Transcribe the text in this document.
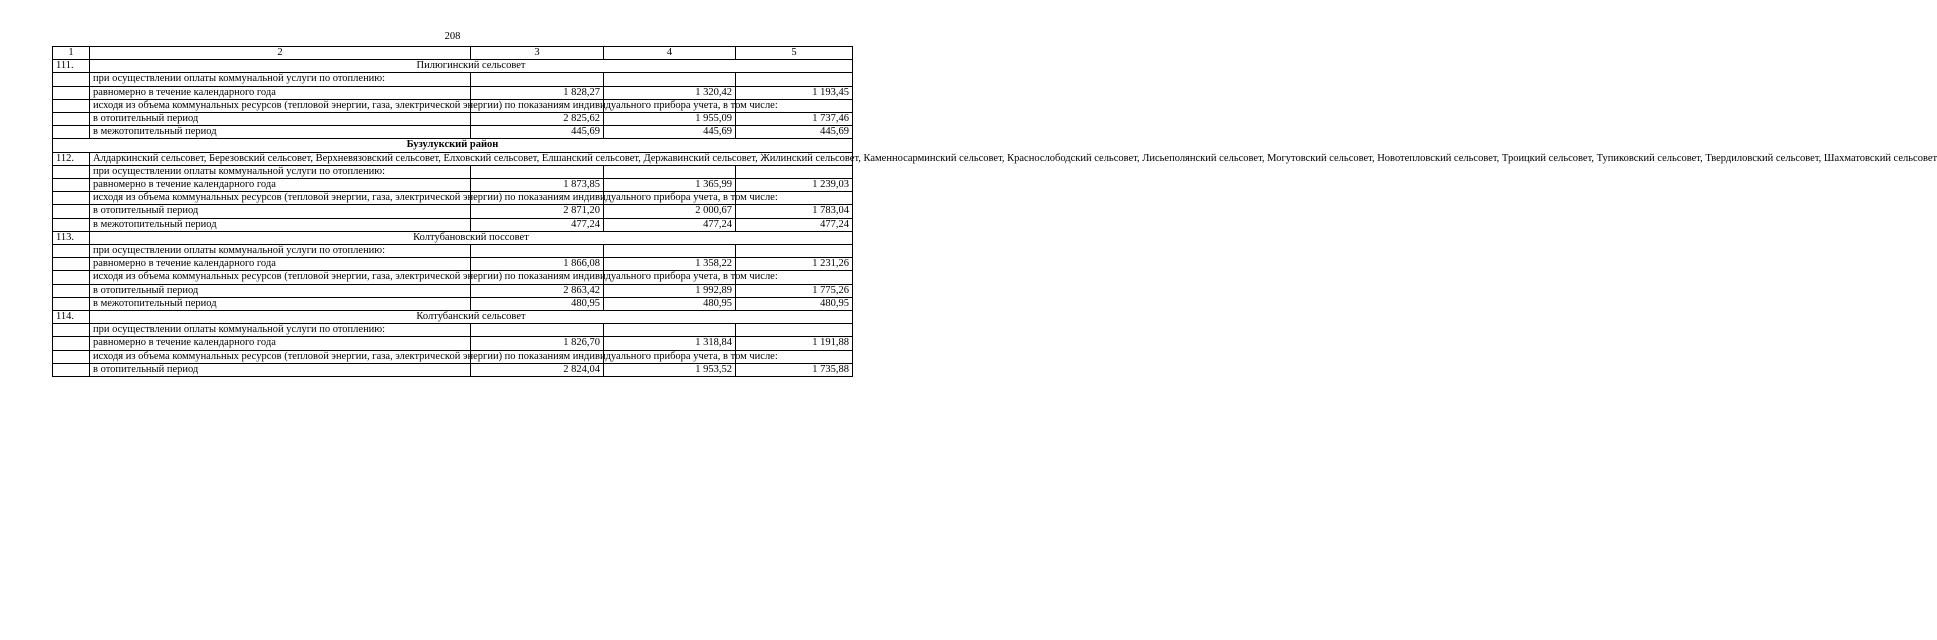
208
1	2	3	4	5
111.	Пилюгинский сельсовет			
	при осуществлении оплаты коммунальной услуги по отоплению:			
	равномерно в течение календарного года	1 828,27	1 320,42	1 193,45
	исходя из объема коммунальных ресурсов (тепловой энергии, газа, электрической энергии) по показаниям индивидуального прибора учета, в том числе:			
	в отопительный период	2 825,62	1 955,09	1 737,46
	в межотопительный период	445,69	445,69	445,69
Бузулукский район				
112.	Алдаркинский сельсовет, Березовский сельсовет, Верхневязовский сельсовет, Елховский сельсовет, Елшанский сельсовет, Державинский сельсовет, Жилинский сельсовет, Каменносарминский сельсовет, Краснослободский сельсовет, Лисьеполянский сельсовет, Могутовский сельсовет, Новотепловский сельсовет, Троицкий сельсовет, Тупиковский сельсовет, Твердиловский сельсовет, Шахматовский сельсовет			
	при осуществлении оплаты коммунальной услуги по отоплению:			
	равномерно в течение календарного года	1 873,85	1 365,99	1 239,03
	исходя из объема коммунальных ресурсов (тепловой энергии, газа, электрической энергии) по показаниям индивидуального прибора учета, в том числе:			
	в отопительный период	2 871,20	2 000,67	1 783,04
	в межотопительный период	477,24	477,24	477,24
113.	Колтубановский поссовет			
	при осуществлении оплаты коммунальной услуги по отоплению:			
	равномерно в течение календарного года	1 866,08	1 358,22	1 231,26
	исходя из объема коммунальных ресурсов (тепловой энергии, газа, электрической энергии) по показаниям индивидуального прибора учета, в том числе:			
	в отопительный период	2 863,42	1 992,89	1 775,26
	в межотопительный период	480,95	480,95	480,95
114.	Колтубанский сельсовет			
	при осуществлении оплаты коммунальной услуги по отоплению:			
	равномерно в течение календарного года	1 826,70	1 318,84	1 191,88
	исходя из объема коммунальных ресурсов (тепловой энергии, газа, электрической энергии) по показаниям индивидуального прибора учета, в том числе:			
	в отопительный период	2 824,04	1 953,52	1 735,88
